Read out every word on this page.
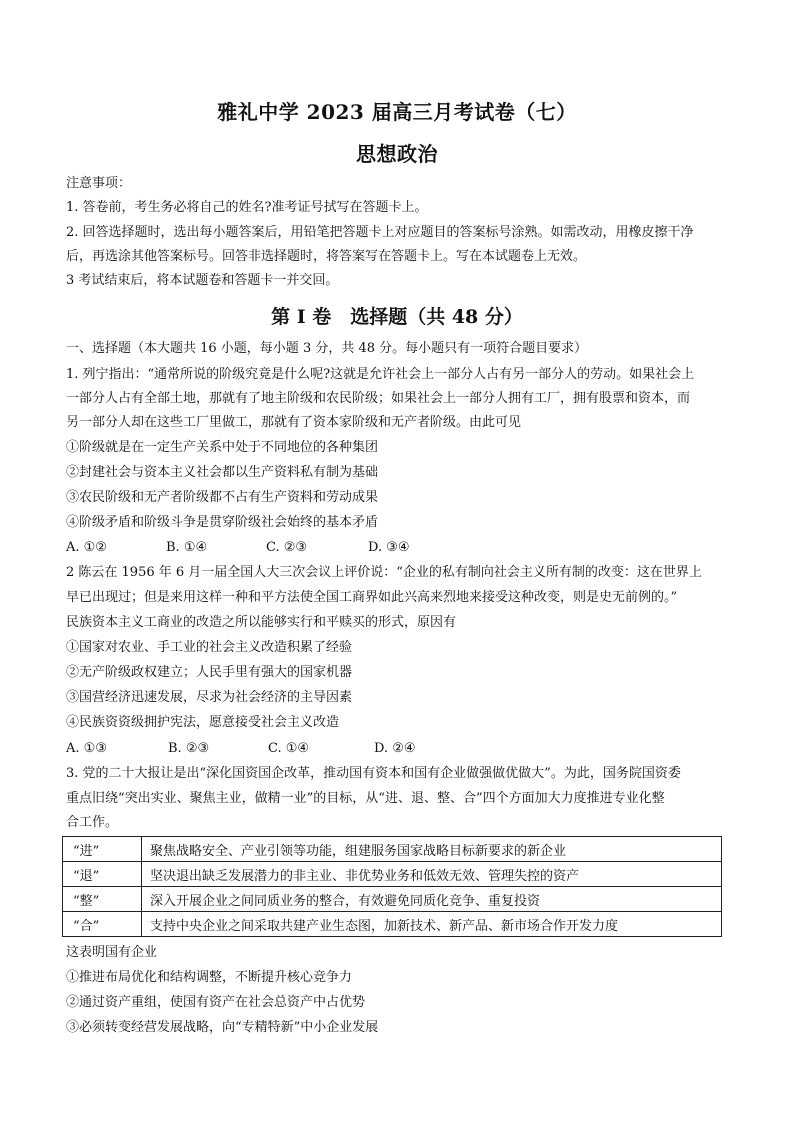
雅礼中学 2023 届高三月考试卷（七）
思想政治
注意事项：
1. 答卷前，考生务必将自己的姓名?准考证号拭写在答题卡上。
2. 回答选择题时，选出每小题答案后，用铅笔把答题卡上对应题目的答案标号涂熟。如需改动，用橡皮擦干净
后，再选涂其他答案标号。回答非选择题时，将答案写在答题卡上。写在本试题卷上无效。
3 考试结束后，将本试题卷和答题卡一并交回。
第 I 卷　选择题（共 48 分）
一、选择题（本大题共 16 小题，每小题 3 分，共 48 分。每小题只有一项符合题目要求）
1. 列宁指出：“通常所说的阶级究竟是什么呢?这就是允许社会上一部分人占有另一部分人的劳动。如果社会上
一部分人占有全部土地，那就有了地主阶级和农民阶级；如果社会上一部分人拥有工厂，拥有股票和资本，而
另一部分人却在这些工厂里做工，那就有了资本家阶级和无产者阶级。由此可见
①阶级就是在一定生产关系中处于不同地位的各种集团
②封建社会与资本主义社会都以生产资料私有制为基础
③农民阶级和无产者阶级都不占有生产资料和劳动成果
④阶级矛盾和阶级斗争是贯穿阶级社会始终的基本矛盾
A. ①②	B. ①④	C. ②③	D. ③④
2 陈云在 1956 年 6 月一届全国人大三次会议上评价说：“企业的私有制向社会主义所有制的改变：这在世界上
早已出现过；但是来用这样一种和平方法使全国工商界如此兴高来烈地来接受这种改变，则是史无前例的。”
民族资本主义工商业的改造之所以能够实行和平赎买的形式，原因有
①国家对农业、手工业的社会主义改造积累了经验
②无产阶级政权建立；人民手里有强大的国家机器
③国营经济迅速发展，尽求为社会经济的主导因素
④民族资资级拥护宪法，愿意接受社会主义改造
A. ①③	B. ②③	C. ①④	D. ②④
3. 党的二十大报让是出“深化国资国企改革，推动国有资本和国有企业做强做优做大”。为此，国务院国资委
重点旧绕“突出实业、聚焦主业，做精一业”的目标，从“进、退、整、合”四个方面加大力度推进专业化整
合工作。
“进”	聚焦战略安全、产业引领等功能，组建服务国家战略目标新要求的新企业
“退”	坚决退出缺乏发展潜力的非主业、非优势业务和低效无效、管理失控的资产
“整”	深入开展企业之间同质业务的整合，有效避免同质化竞争、重复投资
“合”	支持中央企业之间采取共建产业生态图，加新技术、新产品、新市场合作开发力度
这表明国有企业
①推进布局优化和结构调整，不断提升核心竞争力
②通过资产重组，使国有资产在社会总资产中占优势
③必须转变经营发展战略，向“专精特新”中小企业发展
